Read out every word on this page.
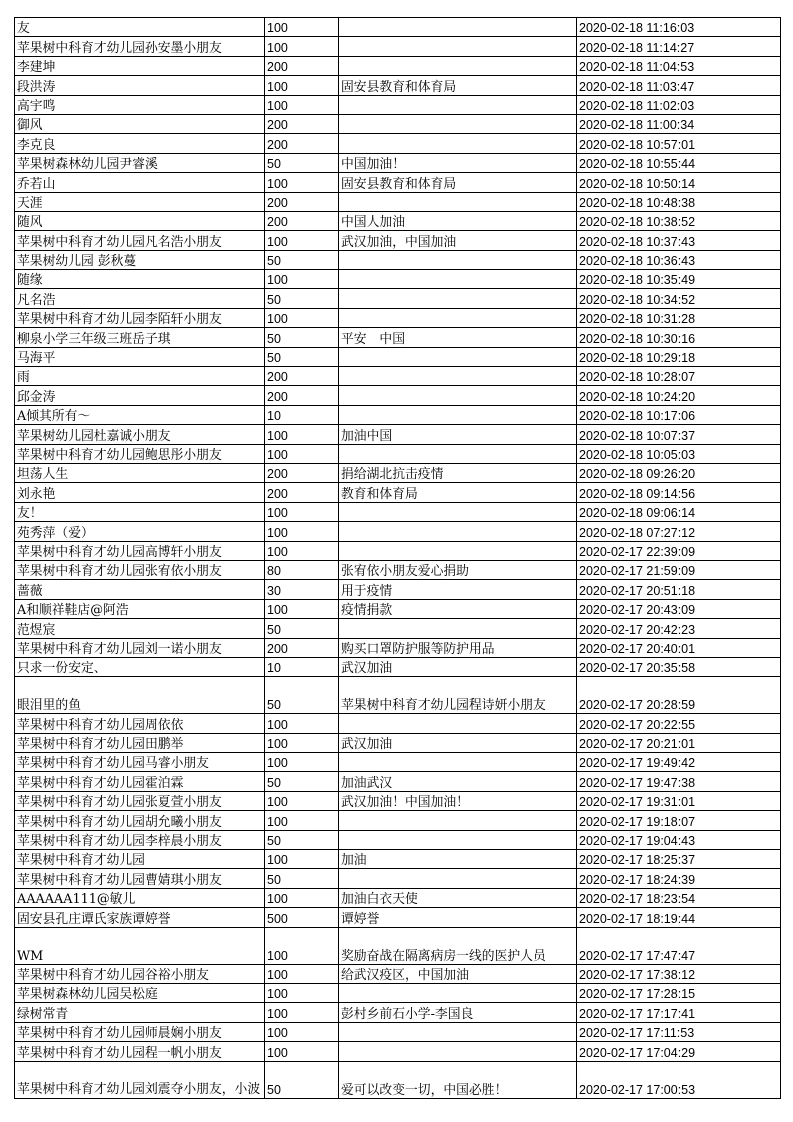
友	100		2020-02-18 11:16:03
苹果树中科育才幼儿园孙安墨小朋友	100		2020-02-18 11:14:27
李建坤	200		2020-02-18 11:04:53
段洪涛	100	固安县教育和体育局	2020-02-18 11:03:47
高宇鸣	100		2020-02-18 11:02:03
御风	200		2020-02-18 11:00:34
李克良	200		2020-02-18 10:57:01
苹果树森林幼儿园尹睿溪	50	中国加油！	2020-02-18 10:55:44
乔若山	100	固安县教育和体育局	2020-02-18 10:50:14
天涯	200		2020-02-18 10:48:38
随风	200	中国人加油	2020-02-18 10:38:52
苹果树中科育才幼儿园凡名浩小朋友	100	武汉加油，中国加油	2020-02-18 10:37:43
苹果树幼儿园 彭秋蔓	50		2020-02-18 10:36:43
随缘	100		2020-02-18 10:35:49
凡名浩	50		2020-02-18 10:34:52
苹果树中科育才幼儿园李陌轩小朋友	100		2020-02-18 10:31:28
柳泉小学三年级三班岳子琪	50	平安　中国	2020-02-18 10:30:16
马海平	50		2020-02-18 10:29:18
雨	200		2020-02-18 10:28:07
邱金涛	200		2020-02-18 10:24:20
A倾其所有～	10		2020-02-18 10:17:06
苹果树幼儿园杜嘉诚小朋友	100	加油中国	2020-02-18 10:07:37
苹果树中科育才幼儿园鲍思彤小朋友	100		2020-02-18 10:05:03
坦荡人生	200	捐给湖北抗击疫情	2020-02-18 09:26:20
刘永艳	200	教育和体育局	2020-02-18 09:14:56
友！	100		2020-02-18 09:06:14
苑秀萍（爱）	100		2020-02-18 07:27:12
苹果树中科育才幼儿园高博轩小朋友	100		2020-02-17 22:39:09
苹果树中科育才幼儿园张宥依小朋友	80	张宥依小朋友爱心捐助	2020-02-17 21:59:09
蔷薇	30	用于疫情	2020-02-17 20:51:18
A和顺祥鞋店@阿浩	100	疫情捐款	2020-02-17 20:43:09
范煜宸	50		2020-02-17 20:42:23
苹果树中科育才幼儿园刘一诺小朋友	200	购买口罩防护服等防护用品	2020-02-17 20:40:01
只求一份安定、	10	武汉加油	2020-02-17 20:35:58
眼泪里的鱼	50	苹果树中科育才幼儿园程诗妍小朋友	2020-02-17 20:28:59
苹果树中科育才幼儿园周依依	100		2020-02-17 20:22:55
苹果树中科育才幼儿园田鹏举	100	武汉加油	2020-02-17 20:21:01
苹果树中科育才幼儿园马睿小朋友	100		2020-02-17 19:49:42
苹果树中科育才幼儿园霍泊霖	50	加油武汉	2020-02-17 19:47:38
苹果树中科育才幼儿园张夏萱小朋友	100	武汉加油！中国加油！	2020-02-17 19:31:01
苹果树中科育才幼儿园胡允曦小朋友	100		2020-02-17 19:18:07
苹果树中科育才幼儿园李梓晨小朋友	50		2020-02-17 19:04:43
苹果树中科育才幼儿园	100	加油	2020-02-17 18:25:37
苹果树中科育才幼儿园曹婧琪小朋友	50		2020-02-17 18:24:39
AAAAAA111@敏儿	100	加油白衣天使	2020-02-17 18:23:54
固安县孔庄谭氏家族谭婷誉	500	谭婷誉	2020-02-17 18:19:44
WM	100	奖励奋战在隔离病房一线的医护人员	2020-02-17 17:47:47
苹果树中科育才幼儿园谷裕小朋友	100	给武汉疫区，中国加油	2020-02-17 17:38:12
苹果树森林幼儿园吴松庭	100		2020-02-17 17:28:15
绿树常青	100	彭村乡前石小学-李国良	2020-02-17 17:17:41
苹果树中科育才幼儿园师晨娴小朋友	100		2020-02-17 17:11:53
苹果树中科育才幼儿园程一帆小朋友	100		2020-02-17 17:04:29
苹果树中科育才幼儿园刘震夺小朋友，小波	50	爱可以改变一切，中国必胜！	2020-02-17 17:00:53
